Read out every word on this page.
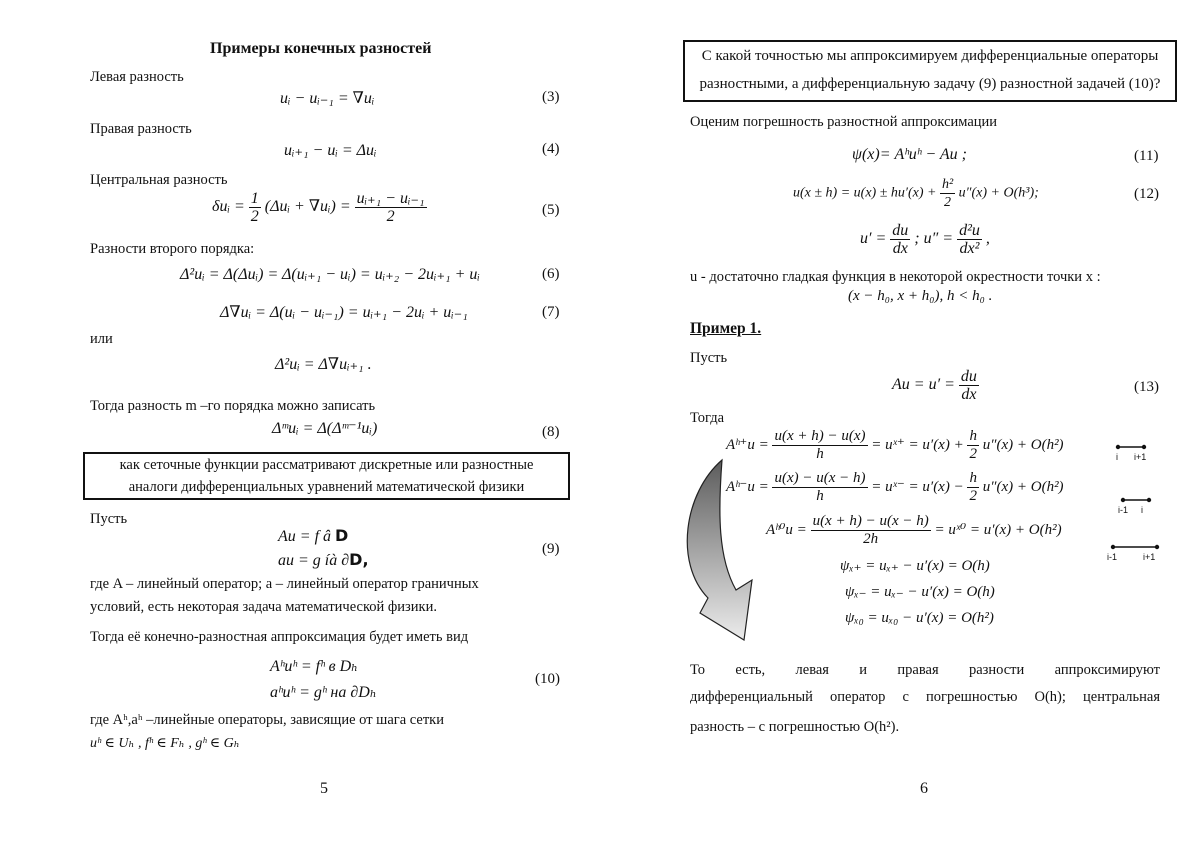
Примеры конечных разностей
Левая разность
uᵢ − uᵢ₋₁ = ∇uᵢ	(3)
Правая разность
uᵢ₊₁ − uᵢ = Δuᵢ	(4)
Центральная разность
δuᵢ = 1
2
(Δuᵢ + ∇uᵢ) = uᵢ₊₁ − uᵢ₋₁
2	(5)
Разности второго порядка:
Δ²uᵢ = Δ(Δuᵢ) = Δ(uᵢ₊₁ − uᵢ) = uᵢ₊₂ − 2uᵢ₊₁ + uᵢ	(6)
Δ∇uᵢ = Δ(uᵢ − uᵢ₋₁) = uᵢ₊₁ − 2uᵢ + uᵢ₋₁	(7)
или
Δ²uᵢ = Δ∇uᵢ₊₁ .
Тогда разность m –го порядка можно записать
Δᵐuᵢ = Δ(Δᵐ⁻¹uᵢ)	(8)
как сеточные функции рассматривают дискретные или разностные
аналоги дифференциальных уравнений математической физики
Пусть
Au = f â D
au = g íà ∂D,
(9)
где A – линейный оператор; a – линейный оператор граничных
условий, есть некоторая задача математической физики.
Тогда её конечно-разностная аппроксимация будет иметь вид
Aʰuʰ = fʰ в Dₕ
aʰuʰ = gʰ на ∂Dₕ
(10)
где Aʰ,aʰ –линейные операторы, зависящие от шага сетки
uʰ ∈ Uₕ , fʰ ∈ Fₕ , gʰ ∈ Gₕ
5
С какой точностью мы аппроксимируем дифференциальные операторы
разностными, а дифференциальную задачу (9) разностной задачей (10)?
Оценим погрешность разностной аппроксимации
ψ(x)= Aʰuʰ − Au ;	(11)
u(x ± h) = u(x) ± hu′(x) +
h²
2
u″(x) + O(h³);	(12)
u′ = du
dx
; u″ = d²u
dx²
,
u - достаточно гладкая функция в некоторой окрестности точки x :
(x − h₀, x + h₀), h < h₀ .
Пример 1.
Пусть
Au = u′ = du
dx	(13)
Тогда
Aʰ⁺u =
u(x + h) − u(x)
h
= uˣ⁺ = u′(x) +
h
2
u″(x) + O(h²)
Aʰ⁻u =
u(x) − u(x − h)
h
= uˣ⁻ = u′(x) −
h
2
u″(x) + O(h²)
Aʰ⁰u =
u(x + h) − u(x − h)
2h
= uˣ⁰ = u′(x) + O(h²)
ψₓ₊ = uₓ₊ − u′(x) = O(h)
ψₓ₋ = uₓ₋ − u′(x) = O(h)
ψₓ₀ = uₓ₀ − u′(x) = O(h²)
i i+1
i-1 i
i-1	i+1
То есть, левая и правая разности аппроксимируют
дифференциальный оператор с погрешностью O(h); центральная
разность – с погрешностью O(h²).
6
